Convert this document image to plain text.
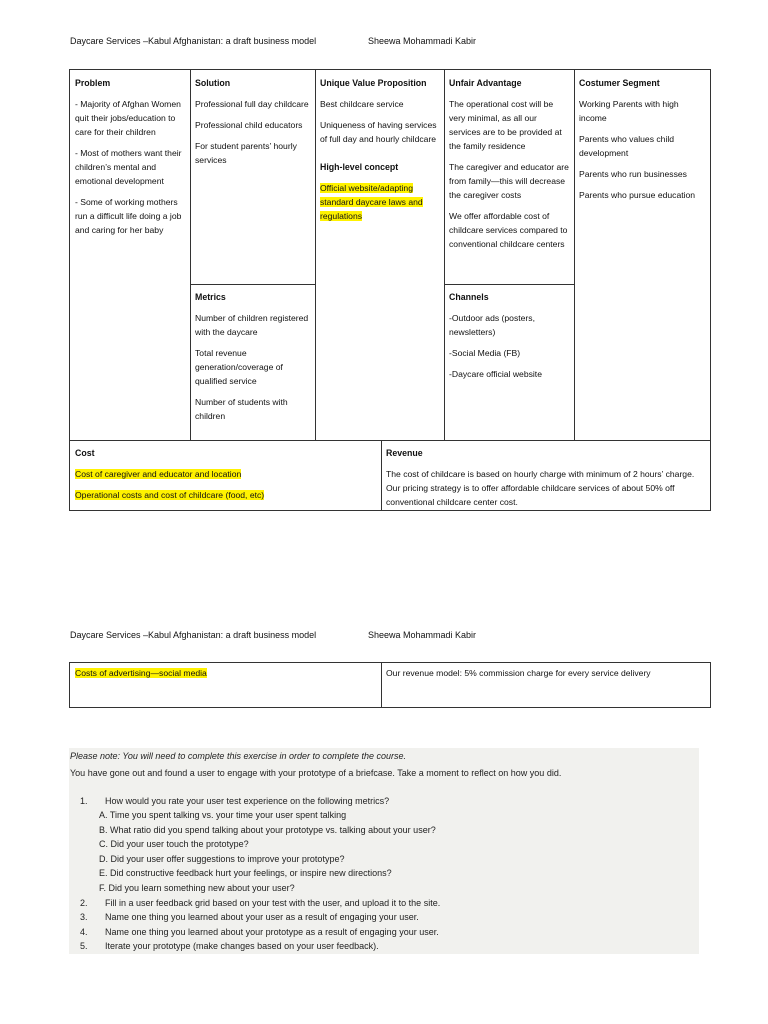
Daycare Services –Kabul Afghanistan: a draft business model	Sheewa Mohammadi Kabir
Problem

- Majority of Afghan Women quit their jobs/education to care for their children

- Most of mothers want their children’s mental and emotional development

- Some of working mothers run a difficult life doing a job and caring for her baby

Solution

Professional full day childcare

Professional child educators

For student parents’ hourly services

Metrics

Number of children registered with the daycare

Total revenue generation/coverage of qualified service

Number of students with children

Unique Value Proposition

Best childcare service

Uniqueness of having services of full day and hourly childcare

High-level concept

Official website/adapting standard daycare laws and regulations

Unfair Advantage

The operational cost will be very minimal, as all our services are to be provided at the family residence

The caregiver and educator are from family—this will decrease the caregiver costs

We offer affordable cost of childcare services compared to conventional childcare centers

Channels

-Outdoor ads (posters, newsletters)

-Social Media (FB)

-Daycare official website

Costumer Segment

Working Parents with high income

Parents who values child development

Parents who run businesses

Parents who pursue education

Cost

Cost of caregiver and educator and location

Operational costs and cost of childcare (food, etc)

Revenue

The cost of childcare is based on hourly charge with minimum of 2 hours’ charge. Our pricing strategy is to offer affordable childcare services of about 50% off conventional childcare center cost.

Daycare Services –Kabul Afghanistan: a draft business model	Sheewa Mohammadi Kabir
Costs of advertising—social media	Our revenue model: 5% commission charge for every service delivery
Please note: You will need to complete this exercise in order to complete the course.
You have gone out and found a user to engage with your prototype of a briefcase. Take a moment to reflect on how you did.
1. How would you rate your user test experience on the following metrics?
A. Time you spent talking vs. your time your user spent talking
B. What ratio did you spend talking about your prototype vs. talking about your user?
C. Did your user touch the prototype?
D. Did your user offer suggestions to improve your prototype?
E. Did constructive feedback hurt your feelings, or inspire new directions?
F. Did you learn something new about your user?
2. Fill in a user feedback grid based on your test with the user, and upload it to the site.
3. Name one thing you learned about your user as a result of engaging your user.
4. Name one thing you learned about your prototype as a result of engaging your user.
5. Iterate your prototype (make changes based on your user feedback).
